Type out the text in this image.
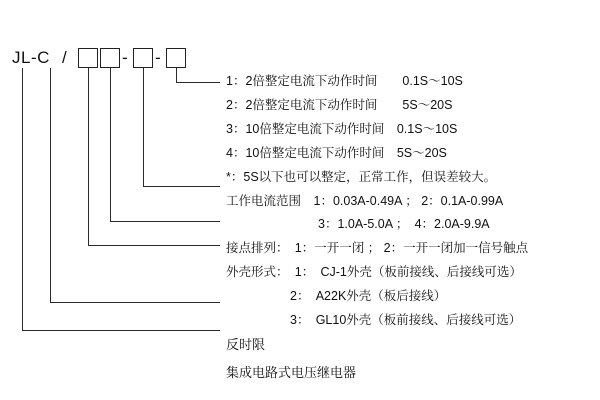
JL-C /	- -
1：2倍整定电流下动作时间　　0.1S～10S
2：2倍整定电流下动作时间　　5S～20S
3：10倍整定电流下动作时间　0.1S～10S
4：10倍整定电流下动作时间　5S～20S
*：5S以下也可以整定，正常工作，但误差较大。
工作电流范围　1：0.03A-0.49A ； 2：0.1A-0.99A
3：1.0A-5.0A ；　4：2.0A-9.9A
接点排列：　1：一开一闭 ； 2：一开一闭加一信号触点
外壳形式：　1：　CJ-1外壳（板前接线、后接线可选）
2：　A22K外壳（板后接线）
3：　GL10外壳（板前接线、后接线可选）
反时限
集成电路式电压继电器
